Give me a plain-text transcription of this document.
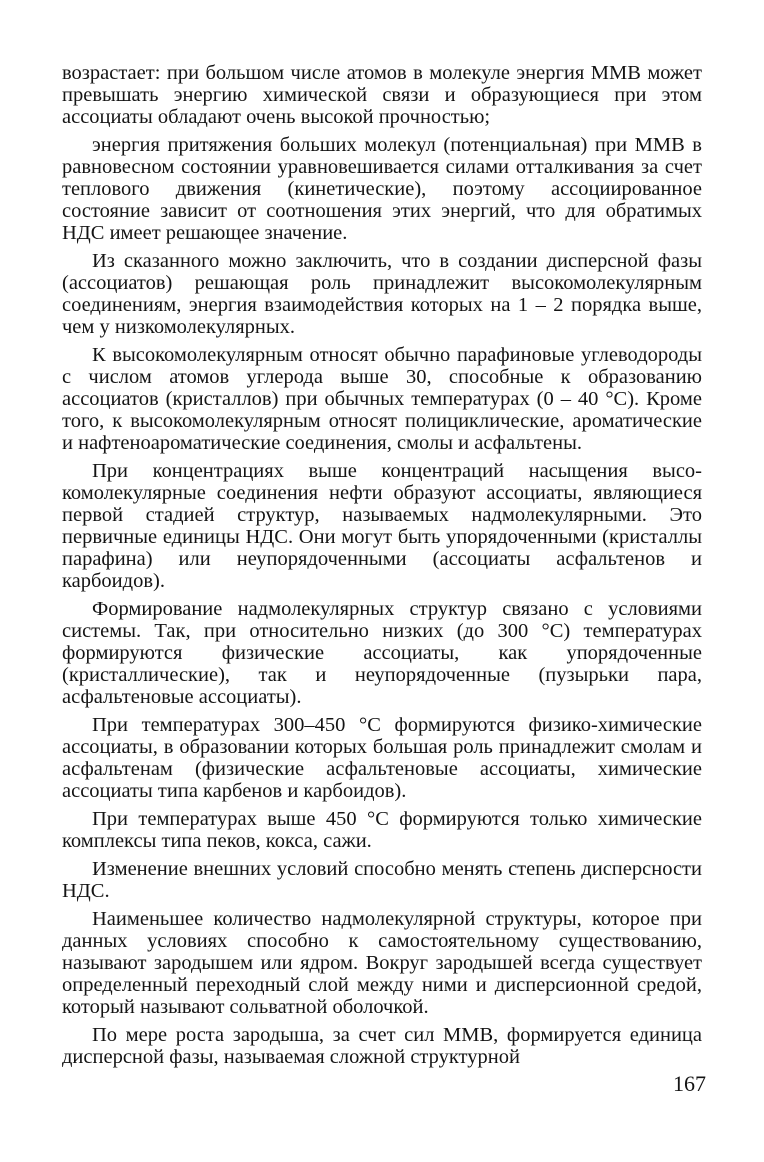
возрастает: при большом числе атомов в молекуле энергия ММВ может превышать энергию химической связи и образующиеся при этом ассоциаты обладают очень высокой прочностью;

энергия притяжения больших молекул (потенциальная) при ММВ в равновесном состоянии уравновешивается силами отталкивания за счет теплового движения (кинетические), поэтому ассоциированное состояние зависит от соотношения этих энергий, что для обратимых НДС имеет решающее значение.

Из сказанного можно заключить, что в создании дисперсной фазы (ассоциатов) решающая роль принадлежит высокомолекулярным соединениям, энергия взаимодействия которых на 1 – 2 порядка выше, чем у низкомолекулярных.

К высокомолекулярным относят обычно парафиновые углеводороды с числом атомов углерода выше 30, способные к образованию ассоциатов (кристаллов) при обычных температурах (0 – 40 °С). Кроме того, к высокомолекулярным относят полициклические, ароматические и нафтеноароматические соединения, смолы и асфальтены.

При концентрациях выше концентраций насыщения высокомолекулярные соединения нефти образуют ассоциаты, являющиеся первой стадией структур, называемых надмолекулярными. Это первичные единицы НДС. Они могут быть упорядоченными (кристаллы парафина) или неупорядоченными (ассоциаты асфальтенов и карбоидов).

Формирование надмолекулярных структур связано с условиями системы. Так, при относительно низких (до 300 °С) температурах формируются физические ассоциаты, как упорядоченные (кристаллические), так и неупорядоченные (пузырьки пара, асфальтеновые ассоциаты).

При температурах 300–450 °С формируются физико-химические ассоциаты, в образовании которых большая роль принадлежит смолам и асфальтенам (физические асфальтеновые ассоциаты, химические ассоциаты типа карбенов и карбоидов).

При температурах выше 450 °С формируются только химические комплексы типа пеков, кокса, сажи.

Изменение внешних условий способно менять степень дисперсности НДС.

Наименьшее количество надмолекулярной структуры, которое при данных условиях способно к самостоятельному существованию, называют зародышем или ядром. Вокруг зародышей всегда существует определенный переходный слой между ними и дисперсионной средой, который называют сольватной оболочкой.

По мере роста зародыша, за счет сил ММВ, формируется единица дисперсной фазы, называемая сложной структурной

167
